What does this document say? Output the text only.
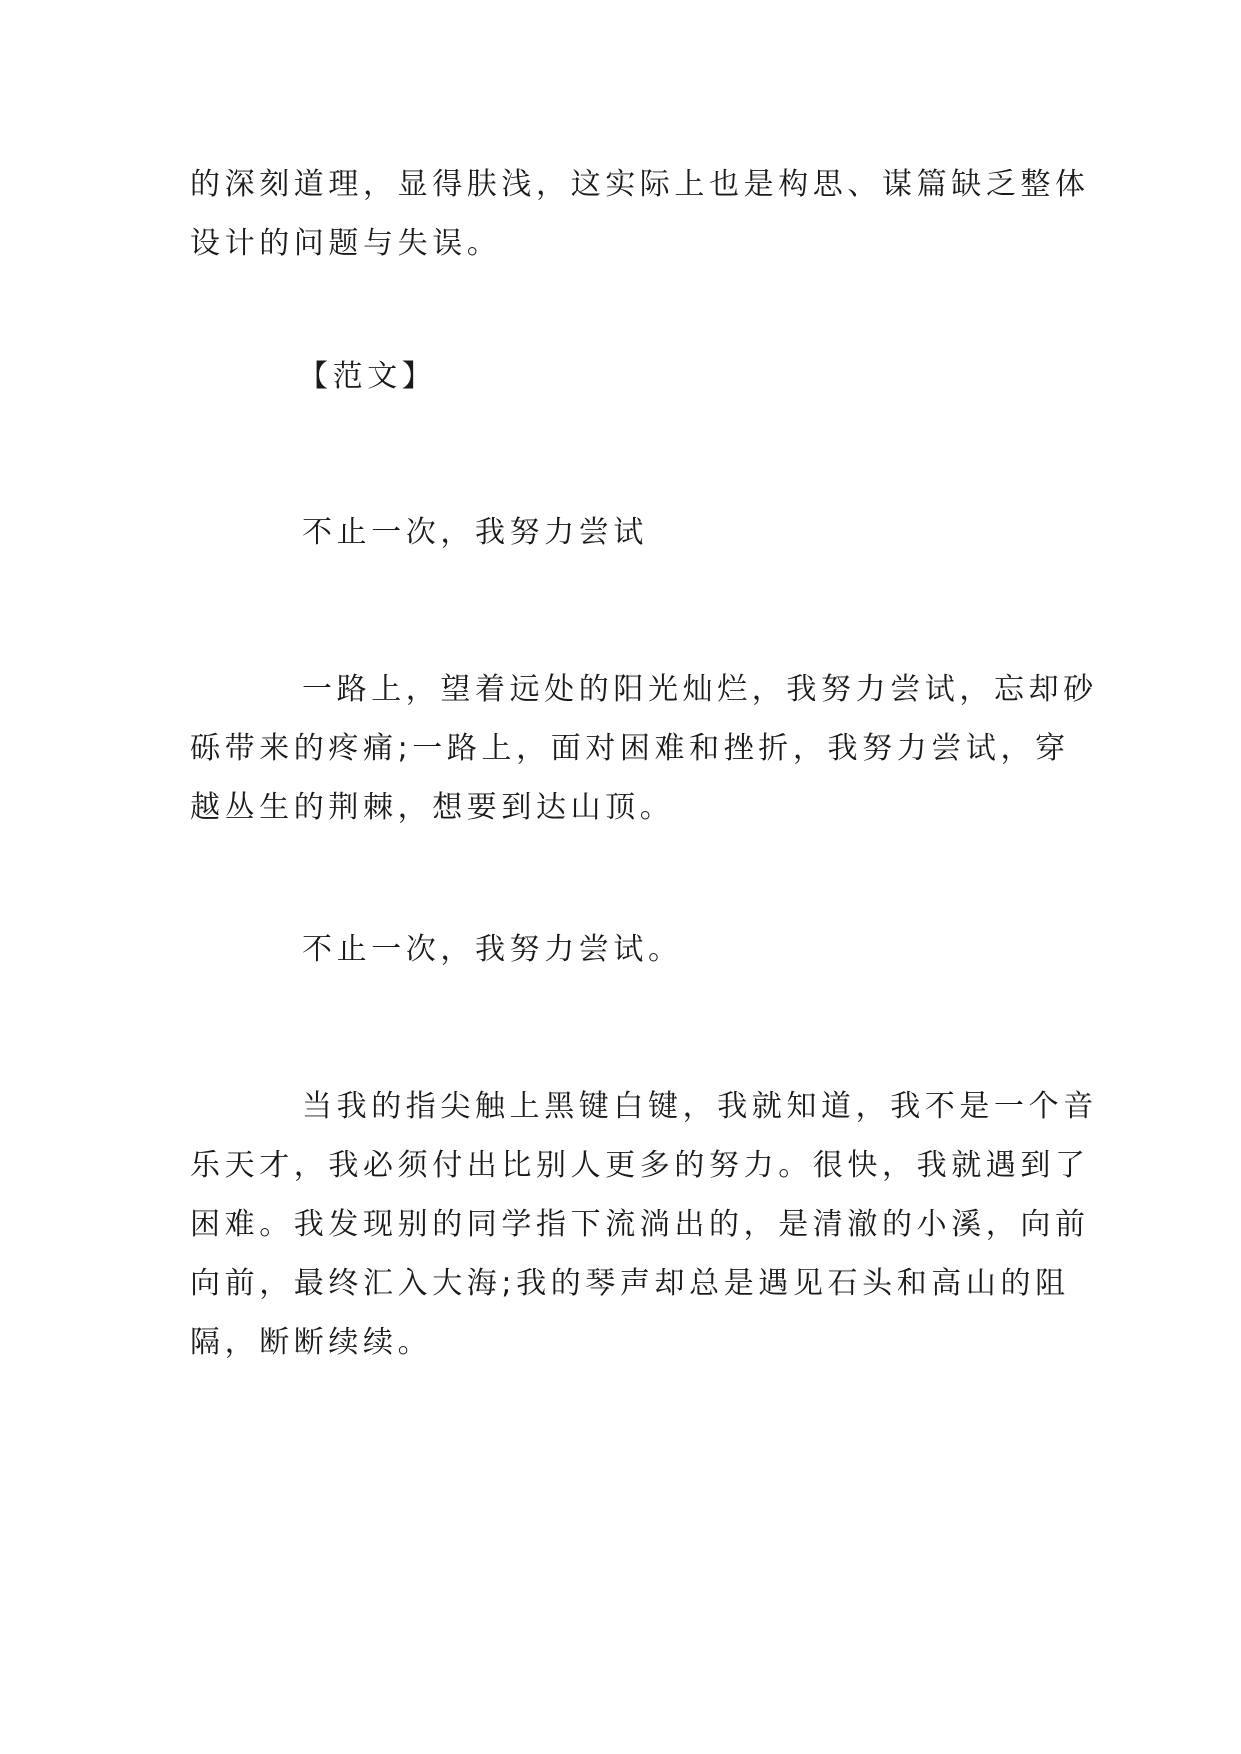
的深刻道理，显得肤浅，这实际上也是构思、谋篇缺乏整体
设计的问题与失误。
【范文】
不止一次，我努力尝试
一路上，望着远处的阳光灿烂，我努力尝试，忘却砂
砾带来的疼痛;一路上，面对困难和挫折，我努力尝试，穿
越丛生的荆棘，想要到达山顶。
不止一次，我努力尝试。
当我的指尖触上黑键白键，我就知道，我不是一个音
乐天才，我必须付出比别人更多的努力。很快，我就遇到了
困难。我发现别的同学指下流淌出的，是清澈的小溪，向前
向前，最终汇入大海;我的琴声却总是遇见石头和高山的阻
隔，断断续续。
